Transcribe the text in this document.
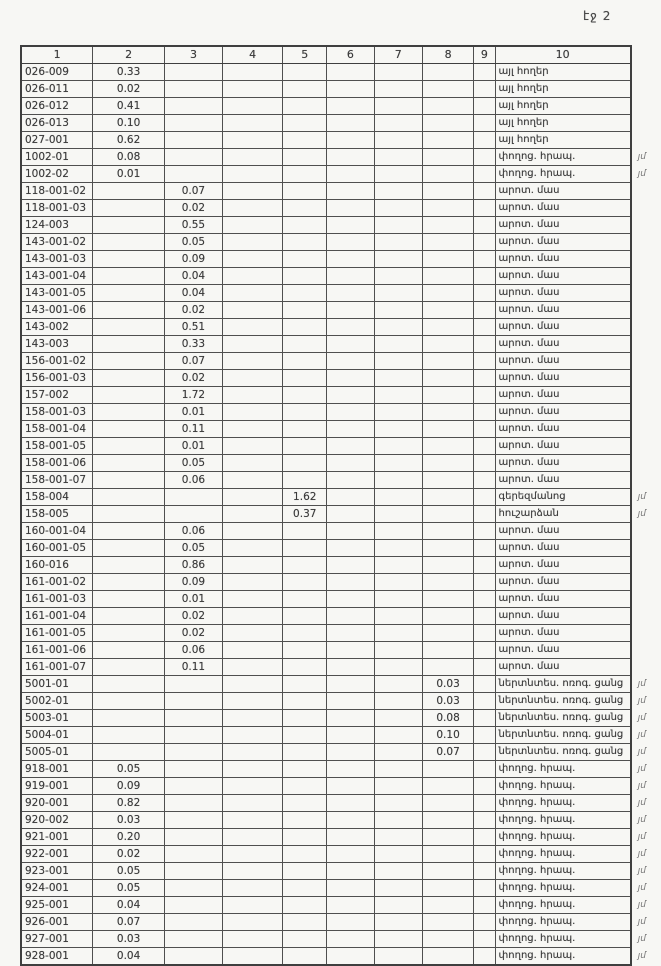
էջ 2
1	2	3	4	5	6	7	8	9	10	
026-009	0.33								այլ հողեր	
026-011	0.02								այլ հողեր	
026-012	0.41								այլ հողեր	
026-013	0.10								այլ հողեր	
027-001	0.62								այլ հողեր	
1002-01	0.08								փողոց. հրապ.	յմ
1002-02	0.01								փողոց. հրապ.	յմ
118-001-02		0.07							արոտ. մաս	
118-001-03		0.02							արոտ. մաս	
124-003		0.55							արոտ. մաս	
143-001-02		0.05							արոտ. մաս	
143-001-03		0.09							արոտ. մաս	
143-001-04		0.04							արոտ. մաս	
143-001-05		0.04							արոտ. մաս	
143-001-06		0.02							արոտ. մաս	
143-002		0.51							արոտ. մաս	
143-003		0.33							արոտ. մաս	
156-001-02		0.07							արոտ. մաս	
156-001-03		0.02							արոտ. մաս	
157-002		1.72							արոտ. մաս	
158-001-03		0.01							արոտ. մաս	
158-001-04		0.11							արոտ. մաս	
158-001-05		0.01							արոտ. մաս	
158-001-06		0.05							արոտ. մաս	
158-001-07		0.06							արոտ. մաս	
158-004				1.62					գերեզմանոց	յմ
158-005				0.37					հուշարձան	յմ
160-001-04		0.06							արոտ. մաս	
160-001-05		0.05							արոտ. մաս	
160-016		0.86							արոտ. մաս	
161-001-02		0.09							արոտ. մաս	
161-001-03		0.01							արոտ. մաս	
161-001-04		0.02							արոտ. մաս	
161-001-05		0.02							արոտ. մաս	
161-001-06		0.06							արոտ. մաս	
161-001-07		0.11							արոտ. մաս	
5001-01							0.03		ներտնտես. ոռոգ. ցանց	յմ
5002-01							0.03		ներտնտես. ոռոգ. ցանց	յմ
5003-01							0.08		ներտնտես. ոռոգ. ցանց	յմ
5004-01							0.10		ներտնտես. ոռոգ. ցանց	յմ
5005-01							0.07		ներտնտես. ոռոգ. ցանց	յմ
918-001	0.05								փողոց. հրապ.	յմ
919-001	0.09								փողոց. հրապ.	յմ
920-001	0.82								փողոց. հրապ.	յմ
920-002	0.03								փողոց. հրապ.	յմ
921-001	0.20								փողոց. հրապ.	յմ
922-001	0.02								փողոց. հրապ.	յմ
923-001	0.05								փողոց. հրապ.	յմ
924-001	0.05								փողոց. հրապ.	յմ
925-001	0.04								փողոց. հրապ.	յմ
926-001	0.07								փողոց. հրապ.	յմ
927-001	0.03								փողոց. հրապ.	յմ
928-001	0.04								փողոց. հրապ.	յմ
